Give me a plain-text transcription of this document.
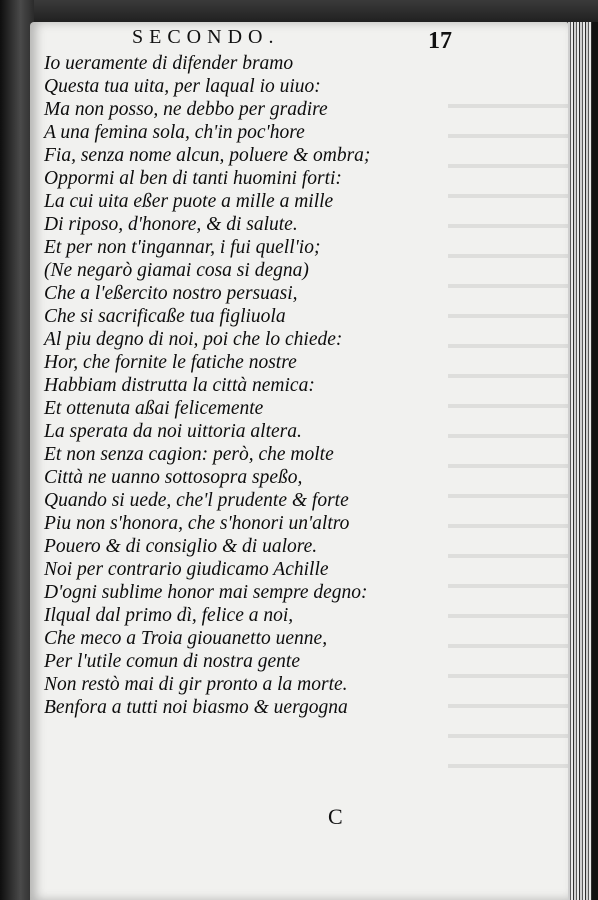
SECONDO.	17
Io ueramente di difender bramo
Questa tua uita, per laqual io uiuo:
Ma non posso, ne debbo per gradire
A una femina sola, ch'in poc'hore
Fia, senza nome alcun, poluere & ombra;
Oppormi al ben di tanti huomini forti:
La cui uita eßer puote a mille a mille
Di riposo, d'honore, & di salute.
Et per non t'ingannar, i fui quell'io;
(Ne negarò giamai cosa si degna)
Che a l'eßercito nostro persuasi,
Che si sacrificaße tua figliuola
Al piu degno di noi, poi che lo chiede:
Hor, che fornite le fatiche nostre
Habbiam distrutta la città nemica:
Et ottenuta aßai felicemente
La sperata da noi uittoria altera.
Et non senza cagion: però, che molte
Città ne uanno sottosopra speßo,
Quando si uede, che'l prudente & forte
Piu non s'honora, che s'honori un'altro
Pouero & di consiglio & di ualore.
Noi per contrario giudicamo Achille
D'ogni sublime honor mai sempre degno:
Ilqual dal primo dì, felice a noi,
Che meco a Troia giouanetto uenne,
Per l'utile comun di nostra gente
Non restò mai di gir pronto a la morte.
Benfora a tutti noi biasmo & uergogna
C
